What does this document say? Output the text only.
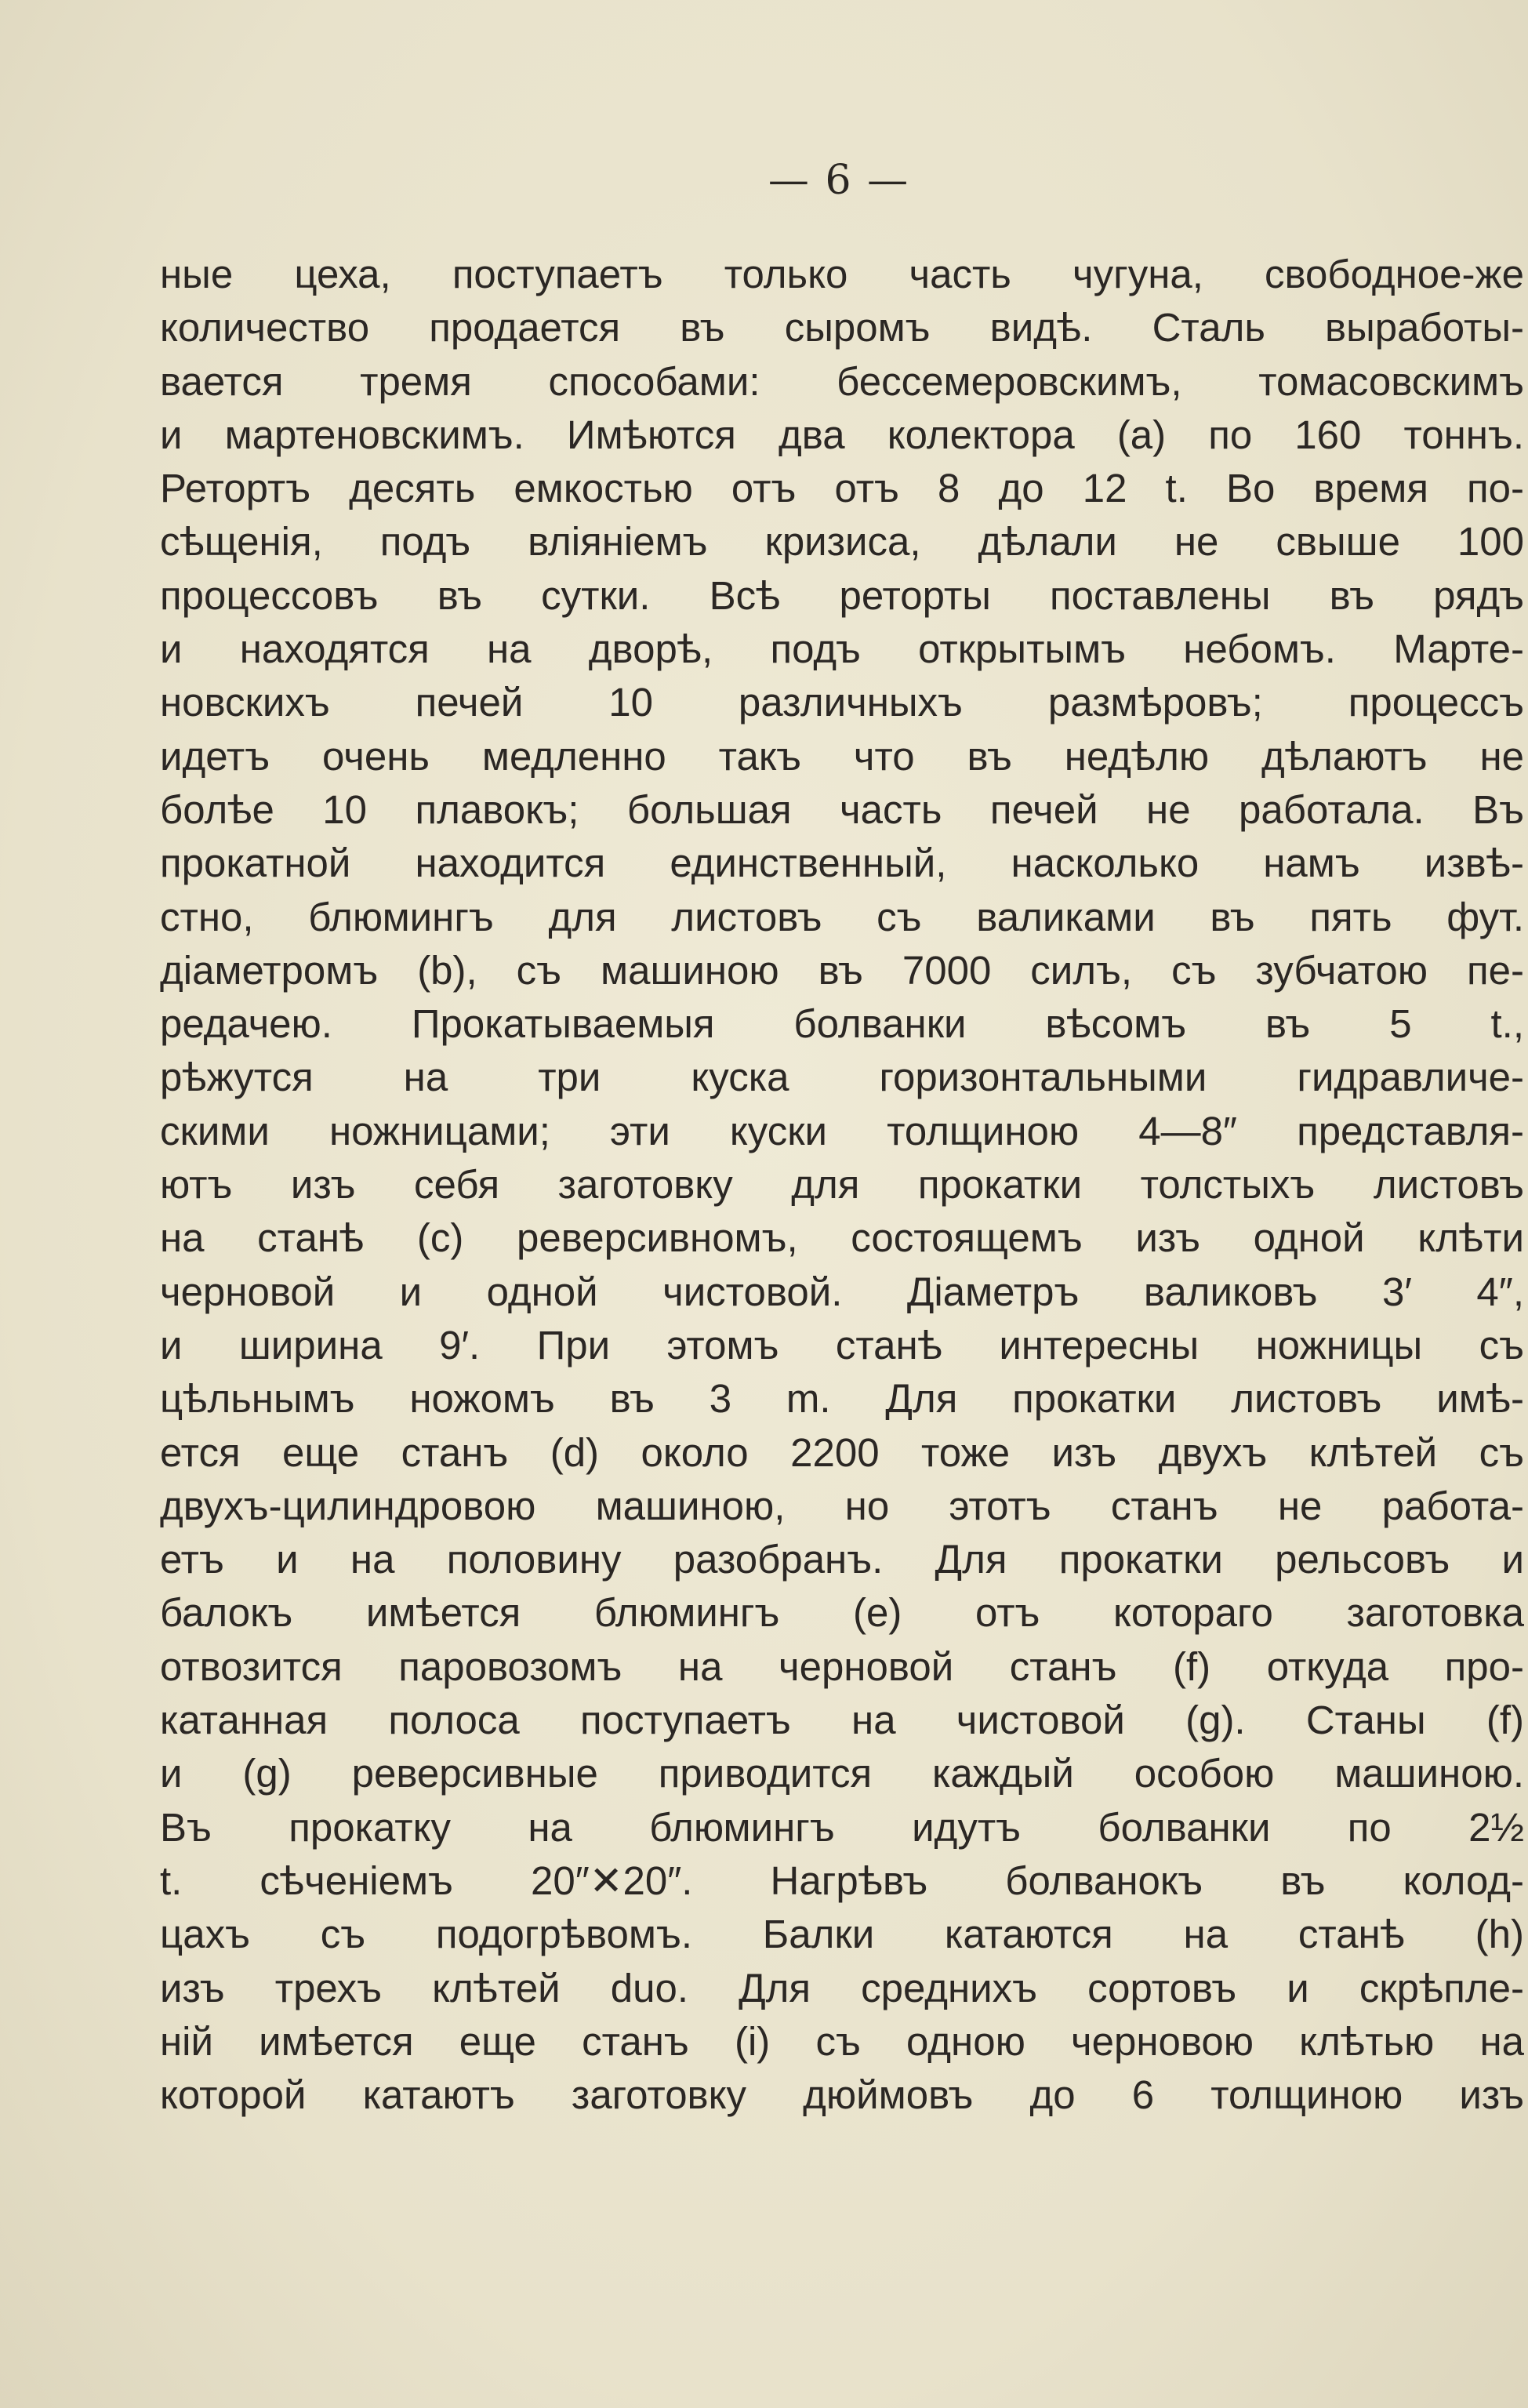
— 6 —
ные цеха, поступаетъ только часть чугуна, свободное-же
количество продается въ сыромъ видѣ. Сталь выработы-
вается тремя способами: бессемеровскимъ, томасовскимъ
и мартеновскимъ. Имѣются два колектора (а) по 160 тоннъ.
Ретортъ десять емкостью отъ отъ 8 до 12 t. Во время по-
сѣщенія, подъ вліяніемъ кризиса, дѣлали не свыше 100
процессовъ въ сутки. Всѣ реторты поставлены въ рядъ
и находятся на дворѣ, подъ открытымъ небомъ. Марте-
новскихъ печей 10 различныхъ размѣровъ; процессъ
идетъ очень медленно такъ что въ недѣлю дѣлаютъ не
болѣе 10 плавокъ; большая часть печей не работала. Въ
прокатной находится единственный, насколько намъ извѣ-
стно, блюмингъ для листовъ съ валиками въ пять фут.
діаметромъ (b), съ машиною въ 7000 силъ, съ зубчатою пе-
редачею. Прокатываемыя болванки вѣсомъ въ 5 t.,
рѣжутся на три куска горизонтальными гидравличе-
скими ножницами; эти куски толщиною 4—8″ представля-
ютъ изъ себя заготовку для прокатки толстыхъ листовъ
на станѣ (с) реверсивномъ, состоящемъ изъ одной клѣти
черновой и одной чистовой. Діаметръ валиковъ 3′ 4″,
и ширина 9′. При этомъ станѣ интересны ножницы съ
цѣльнымъ ножомъ въ 3 m. Для прокатки листовъ имѣ-
ется еще станъ (d) около 2200 тоже изъ двухъ клѣтей съ
двухъ-цилиндровою машиною, но этотъ станъ не работа-
етъ и на половину разобранъ. Для прокатки рельсовъ и
балокъ имѣется блюмингъ (е) отъ котораго заготовка
отвозится паровозомъ на черновой станъ (f) откуда про-
катанная полоса поступаетъ на чистовой (g). Станы (f)
и (g) реверсивные приводится каждый особою машиною.
Въ прокатку на блюмингъ идутъ болванки по 2½
t. сѣченіемъ 20″✕20″. Нагрѣвъ болванокъ въ колод-
цахъ съ подогрѣвомъ. Балки катаются на станѣ (h)
изъ трехъ клѣтей duo. Для среднихъ сортовъ и скрѣпле-
ній имѣется еще станъ (i) съ одною черновою клѣтью на
которой катаютъ заготовку дюймовъ до 6 толщиною изъ
